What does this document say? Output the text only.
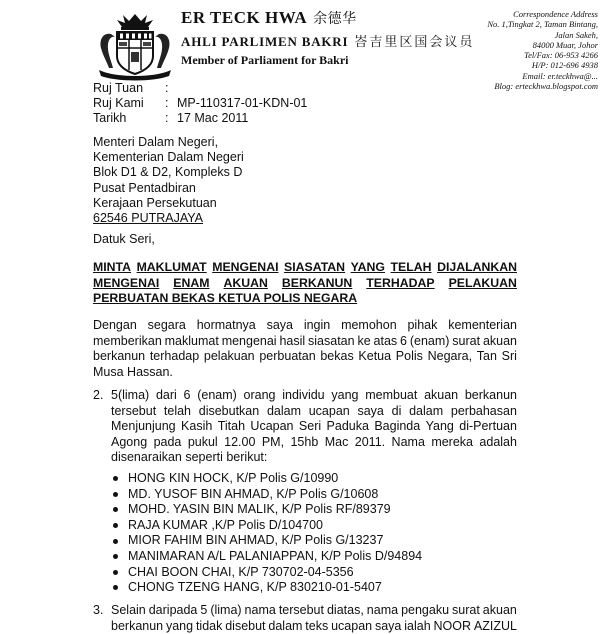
ER TECK HWA 余德华
AHLI PARLIMEN BAKRI 峇吉里区国会议员
Member of Parliament for Bakri
Correspondence Address
No. 1,Tingkat 2, Taman Bintang,
Jalan Sakeh,
84000 Muar, Johor
Tel/Fax: 06-953 4266
H/P: 012-696 4938
Email: er.teckhwa@...
Blog: erteckhwa.blogspot.com
Ruj Tuan	:
Ruj Kami	: MP-110317-01-KDN-01
Tarikh	: 17 Mac 2011
Menteri Dalam Negeri,
Kementerian Dalam Negeri
Blok D1 & D2, Kompleks D
Pusat Pentadbiran
Kerajaan Persekutuan
62546 PUTRAJAYA
Datuk Seri,
MINTA MAKLUMAT MENGENAI SIASATAN YANG TELAH DIJALANKAN
MENGENAI ENAM AKUAN BERKANUN TERHADAP PELAKUAN
PERBUATAN BEKAS KETUA POLIS NEGARA
Dengan segara hormatnya saya ingin memohon pihak kementerian
memberikan maklumat mengenai hasil siasatan ke atas 6 (enam) surat akuan
berkanun terhadap pelakuan perbuatan bekas Ketua Polis Negara, Tan Sri
Musa Hassan.
2. 5(lima) dari 6 (enam) orang individu yang membuat akuan berkanun
tersebut telah disebutkan dalam ucapan saya di dalam perbahasan
Menjunjung Kasih Titah Ucapan Seri Paduka Baginda Yang di-Pertuan
Agong pada pukul 12.00 PM, 15hb Mac 2011. Nama mereka adalah
disenaraikan seperti berikut:
HONG KIN HOCK, K/P Polis G/10990
MD. YUSOF BIN AHMAD, K/P Polis G/10608
MOHD. YASIN BIN MALIK, K/P Polis RF/89379
RAJA KUMAR ,K/P Polis D/104700
MIOR FAHIM BIN AHMAD, K/P Polis G/13237
MANIMARAN A/L PALANIAPPAN, K/P Polis D/94894
CHAI BOON CHAI, K/P 730702-04-5356
CHONG TZENG HANG, K/P 830210-01-5407
3. Selain daripada 5 (lima) nama tersebut diatas, nama pengaku surat akuan
berkanun yang tidak disebut dalam teks ucapan saya ialah NOOR AZIZUL
